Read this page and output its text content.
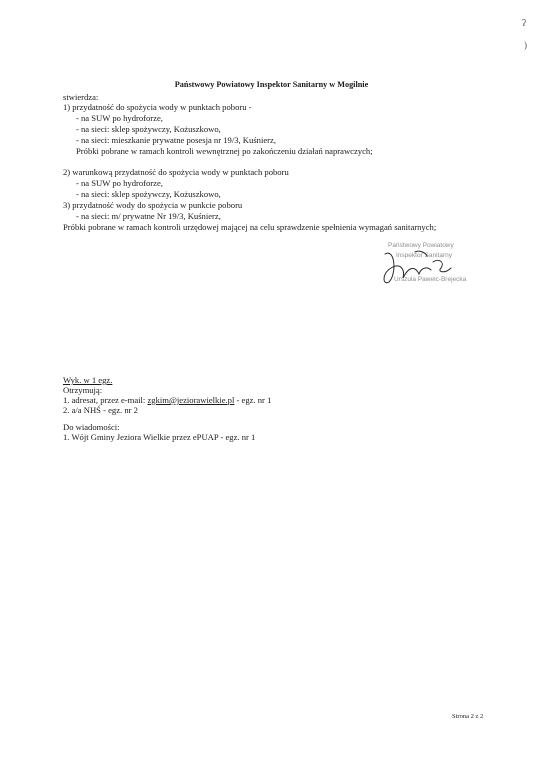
Państwowy Powiatowy Inspektor Sanitarny w Mogilnie
stwierdza:
1) przydatność do spożycia wody w punktach poboru -
- na SUW po hydroforze,
- na sieci: sklep spożywczy, Kożuszkowo,
- na sieci: mieszkanie prywatne posesja nr 19/3, Kuśnierz,
Próbki pobrane w ramach kontroli wewnętrznej po zakończeniu działań naprawczych;
2) warunkową przydatność do spożycia wody w punktach poboru
- na SUW po hydroforze,
- na sieci: sklep spożywczy, Kożuszkowo,
3) przydatność wody do spożycia w punkcie poboru
- na sieci: m/ prywatne Nr 19/3, Kuśnierz,
Próbki pobrane w ramach kontroli urzędowej mającej na celu sprawdzenie spełnienia wymagań sanitarnych;
Państwowy Powiatowy
Inspektor Sanitarny
Urszula Pawelc-Brejecka
Wyk. w 1 egz.
Otrzymują:
1. adresat, przez e-mail: zgkim@jeziorawielkie.pl - egz. nr 1
2. a/a NHŚ - egz. nr 2
Do wiadomości:
1. Wójt Gminy Jeziora Wielkie przez ePUAP - egz. nr 1
ʔ
)
Strona 2 z 2
